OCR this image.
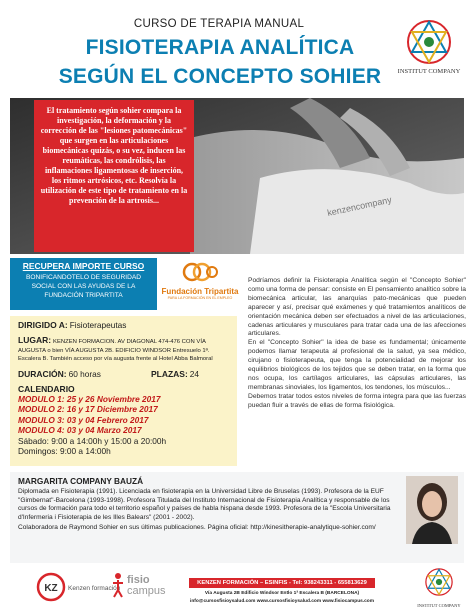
CURSO DE TERAPIA MANUAL
FISIOTERAPIA ANALÍTICA
SEGÚN EL CONCEPTO SOHIER	INSTITUT COMPANY
kenzencompany

El tratamiento según sohier compara la investigación, la deformación y la corrección de las "lesiones patomecánicas" que surgen en las articulaciones biomecánicas quizás, o su vez, inducen las reumáticas, las condrólisis, las inflamaciones ligamentosas de inserción, los ritmos artrósicos, etc. Resolvía la utilización de este tipo de tratamiento en la prevención de la artrosis...

RECUPERA IMPORTE CURSO
BONIFICANDOTELO DE SEGURIDAD SOCIAL CON LAS AYUDAS DE LA FUNDACIÓN TRIPARTITA	Fundación Tripartita
PARA LA FORMACIÓN EN EL EMPLEO

Podríamos definir la Fisioterapia Analítica según el "Concepto Sohier" como una forma de pensar: consiste en El pensamiento analítico sobre la biomecánica articular, las anarquías pato-mecánicas que pueden aparecer y así, precisar qué exámenes y qué tratamientos analíticos de orientación mecánica deben ser efectuados a nivel de las articulaciones, cadenas articulares y musculares para tratar cada una de las afecciones articulares.

En el "Concepto Sohier" la idea de base es fundamental; únicamente podemos llamar terapeuta al profesional de la salud, ya sea médico, cirujano o fisioterapeuta, que tenga la potencialidad de mejorar los equilibrios biológicos de los tejidos que se deben tratar, en la forma que nos ocupa, los cartílagos articulares, las cápsulas articulares, las membranas sinoviales, los ligamentos, los tendones, los músculos...

Debemos tratar todos estos niveles de forma integra para que las fuerzas puedan fluir a través de ellas de forma fisiológica.

DIRIGIDO A: Fisioterapeutas
LUGAR: KENZEN FORMACION. AV DIAGONAL 474-476 CON VÍA AUGUSTA o bien VÍA AUGUSTA 2B. EDIFICIO WINDSOR Entresuelo 1ª. Escalera B. También acceso por vía augusta frente al Hotel Abba Balmoral
DURACIÓN: 60 horas	PLAZAS: 24
CALENDARIO
MODULO 1: 25 y 26 Noviembre 2017
MODULO 2: 16 y 17 Diciembre 2017
MODULO 3: 03 y 04 Febrero 2017
MODULO 4: 03 y 04 Marzo 2017
Sábado: 9:00 a 14:00h y 15:00 a 20:00h
Domingos: 9:00 a 14:00h
MARGARITA COMPANY BAUZÁ
Diplomada en Fisioterapia (1991). Licenciada en fisioterapia en la Universidad Libre de Bruselas (1993). Profesora de la EUF "Gimbernat"-Barcelona (1993-1998). Profesora Titulada del Instituto Internacional de Fisioterapia Analítica y responsable de los cursos de formación para todo el territorio español y países de habla hispana desde 1993. Profesora de la "Escola Universitaria d'Infermeria i Fisioterapia de les Illes Balears" (2001 - 2002).
Colaboradora de Raymond Sohier en sus últimas publicaciones. Página oficial: http://kinesitherapie-analytique-sohier.com/
KZ Kenzen formación
fisio
campus
KENZEN FORMACIÓN – ESINFIS - Tel: 938243311 - 655813629
Vía Augusta 2B Edificio Windsor Entlo 1ª Escalera B (BARCELONA)
info@cursosfisioysalud.com www.cursosfisioysalud.com www.fisiocampus.com
INSTITUT COMPANY
